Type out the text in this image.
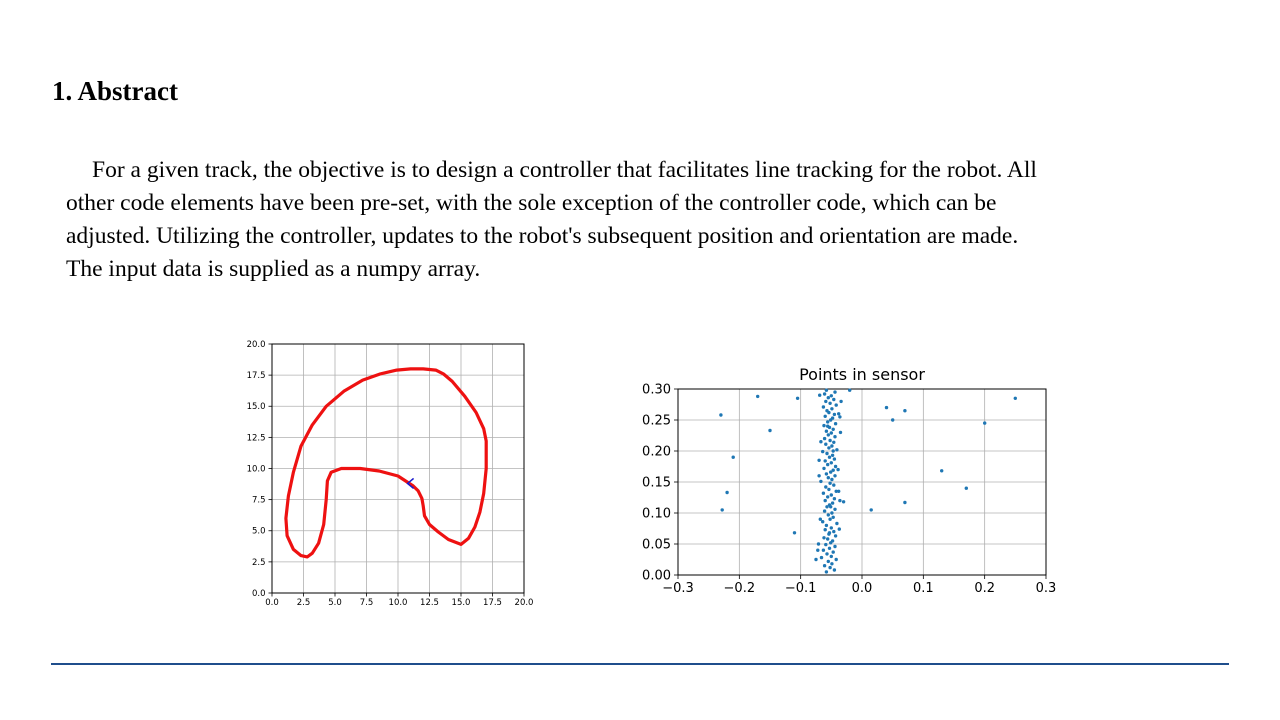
1. Abstract

For a given track, the objective is to design a controller that facilitates line tracking for the robot. All
other code elements have been pre-set, with the sole exception of the controller code, which can be
adjusted. Utilizing the controller, updates to the robot's subsequent position and orientation are made.
The input data is supplied as a numpy array.

0.0 2.5 5.0 7.5 10.0 12.5 15.0 17.5 20.0
0.0
2.5
5.0
7.5
10.0
12.5
15.0
17.5
20.0
−0.3 −0.2 −0.1	0.0	0.1	0.2	0.3
0.00
0.05
0.10
0.15
0.20
0.25
0.30
Points in sensor
